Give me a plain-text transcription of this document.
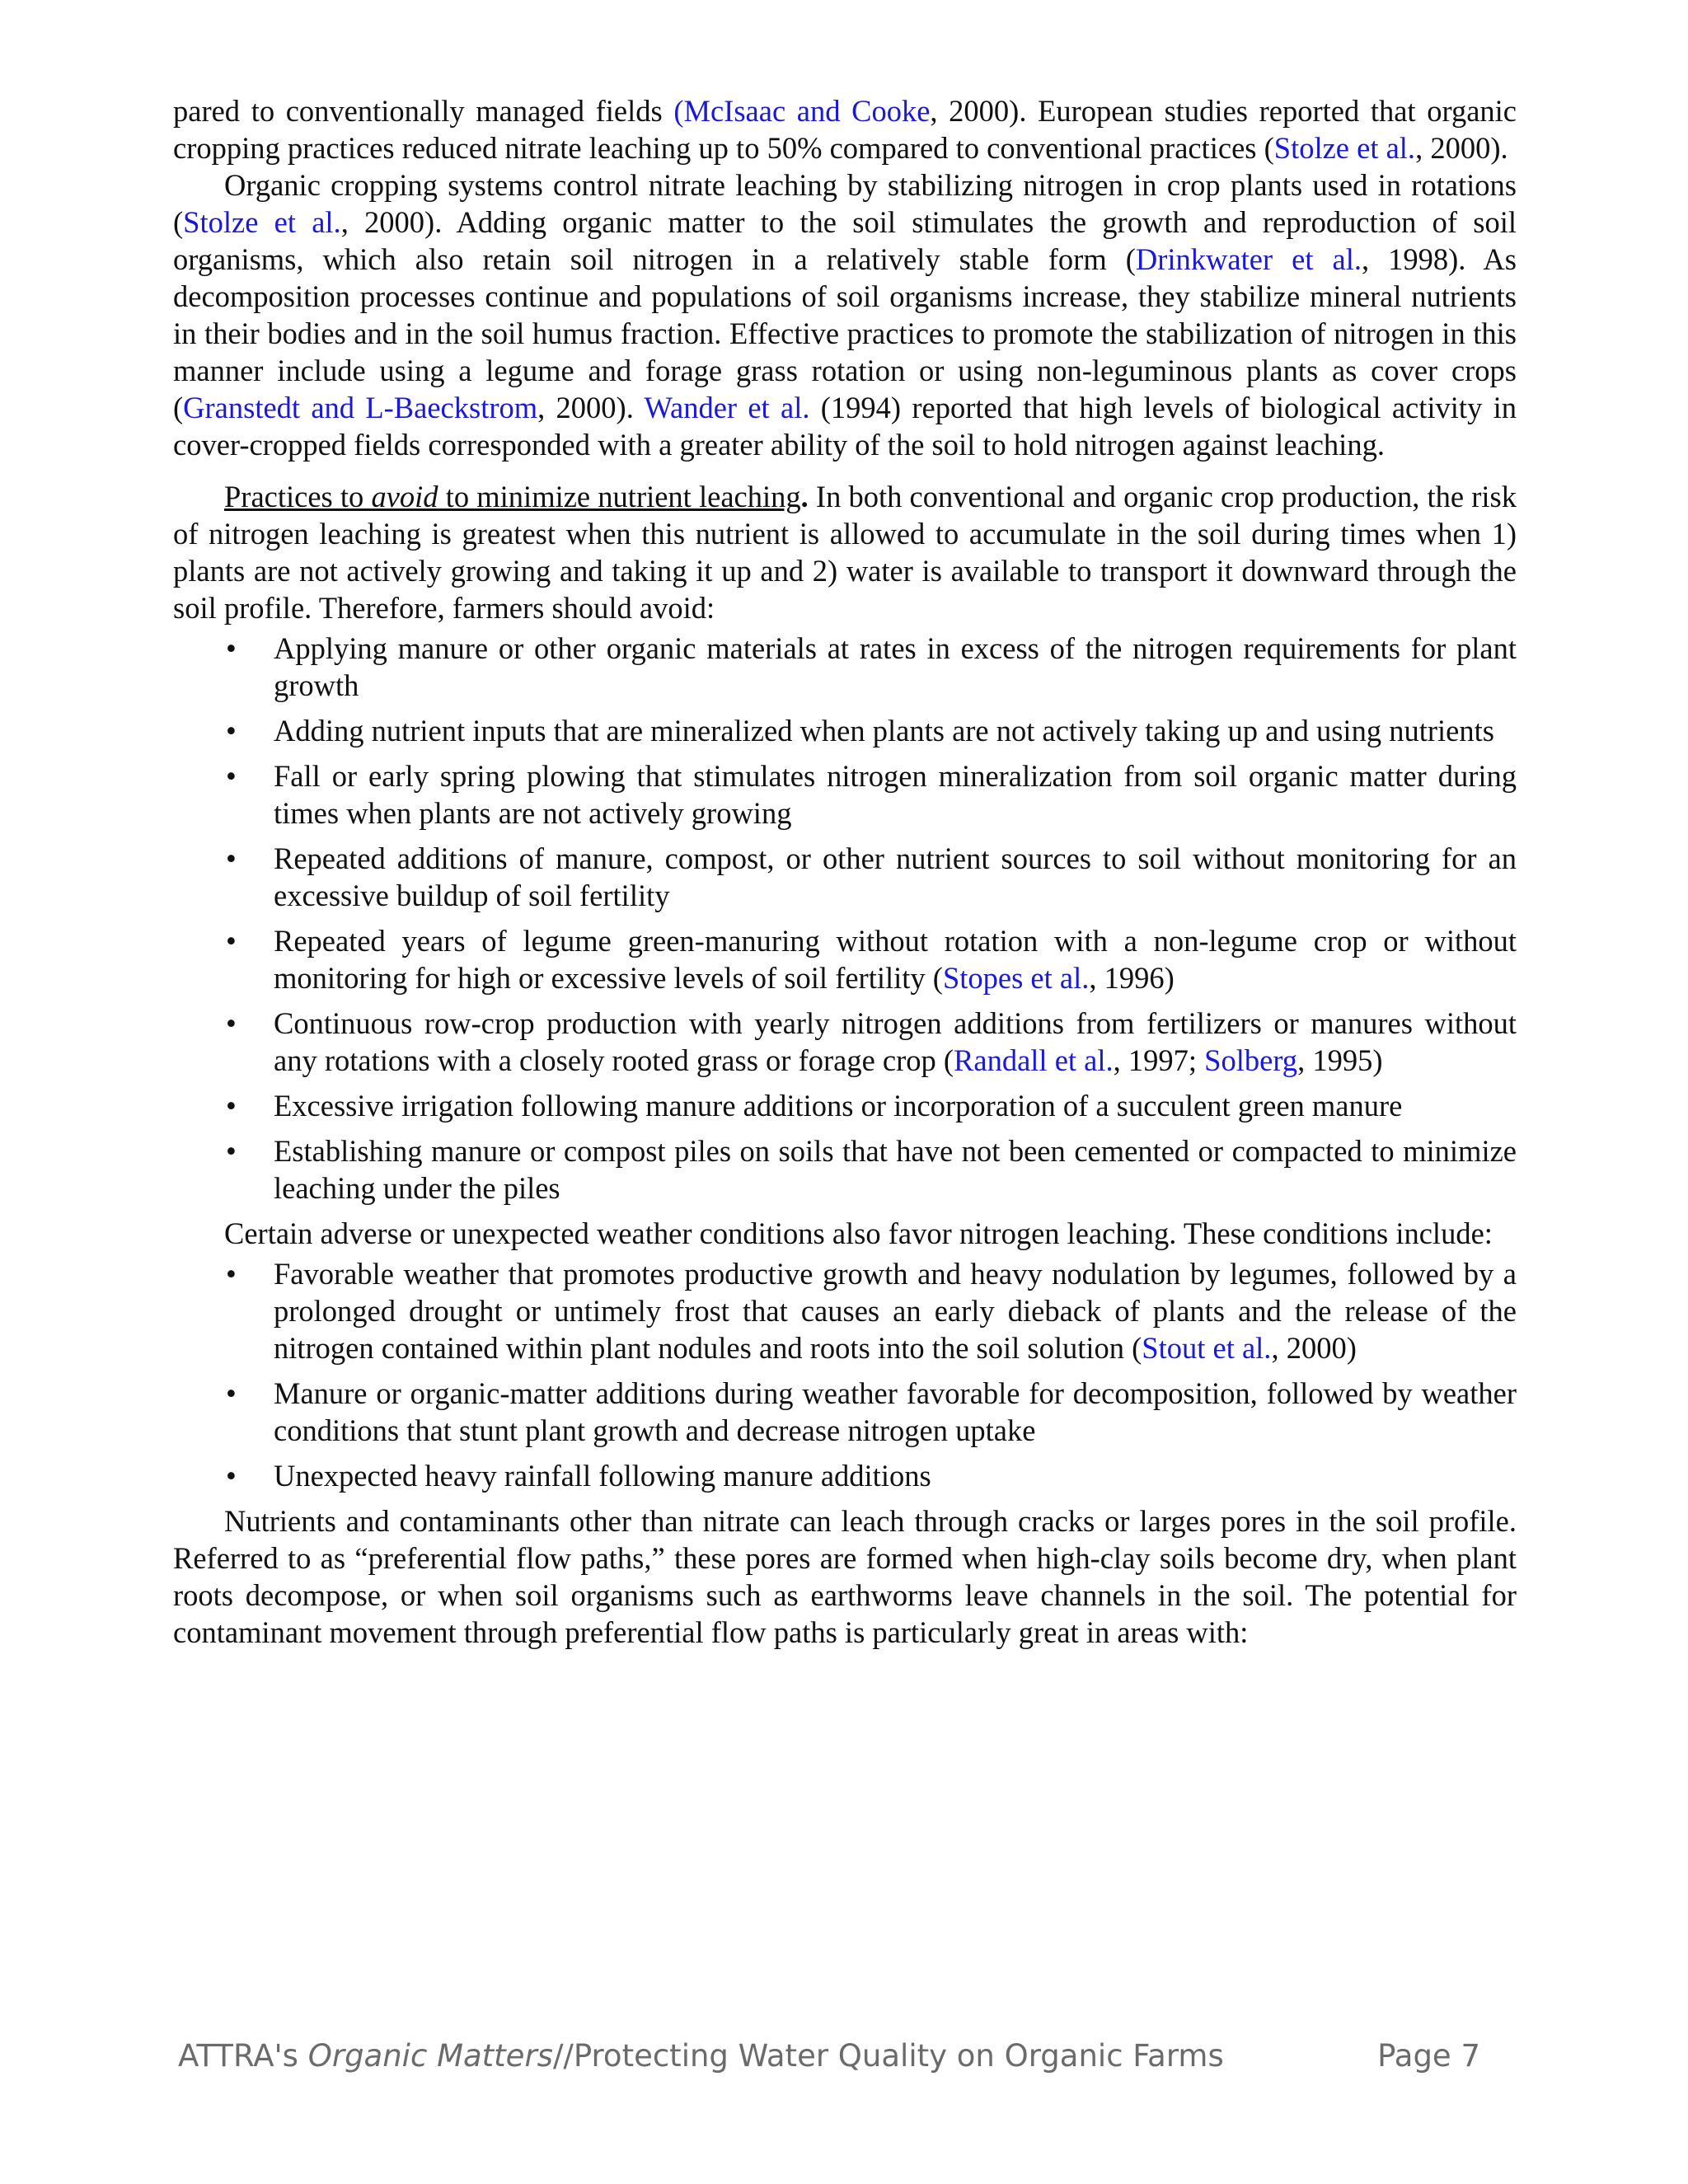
pared to conventionally managed fields (McIsaac and Cooke, 2000). European studies reported that organic cropping practices reduced nitrate leaching up to 50% compared to conventional practices (Stolze et al., 2000).

Organic cropping systems control nitrate leaching by stabilizing nitrogen in crop plants used in rotations (Stolze et al., 2000). Adding organic matter to the soil stimulates the growth and reproduction of soil organisms, which also retain soil nitrogen in a relatively stable form (Drinkwater et al., 1998). As decomposition processes continue and populations of soil organisms increase, they stabilize mineral nutrients in their bodies and in the soil humus fraction. Effective practices to promote the stabilization of nitrogen in this manner include using a legume and forage grass rotation or using non-leguminous plants as cover crops (Granstedt and L-Baeckstrom, 2000). Wander et al. (1994) reported that high levels of biological activity in cover-cropped fields corresponded with a greater ability of the soil to hold nitrogen against leaching.

Practices to avoid to minimize nutrient leaching. In both conventional and organic crop production, the risk of nitrogen leaching is greatest when this nutrient is allowed to accumulate in the soil during times when 1) plants are not actively growing and taking it up and 2) water is available to transport it downward through the soil profile. Therefore, farmers should avoid:

• Applying manure or other organic materials at rates in excess of the nitrogen requirements for plant growth
• Adding nutrient inputs that are mineralized when plants are not actively taking up and using nutrients
• Fall or early spring plowing that stimulates nitrogen mineralization from soil organic matter during times when plants are not actively growing
• Repeated additions of manure, compost, or other nutrient sources to soil without monitoring for an excessive buildup of soil fertility
• Repeated years of legume green-manuring without rotation with a non-legume crop or without monitoring for high or excessive levels of soil fertility (Stopes et al., 1996)
• Continuous row-crop production with yearly nitrogen additions from fertilizers or manures without any rotations with a closely rooted grass or forage crop (Randall et al., 1997; Solberg, 1995)
• Excessive irrigation following manure additions or incorporation of a succulent green manure
• Establishing manure or compost piles on soils that have not been cemented or compacted to minimize leaching under the piles

Certain adverse or unexpected weather conditions also favor nitrogen leaching. These conditions include:

• Favorable weather that promotes productive growth and heavy nodulation by legumes, followed by a prolonged drought or untimely frost that causes an early dieback of plants and the release of the nitrogen contained within plant nodules and roots into the soil solution (Stout et al., 2000)
• Manure or organic-matter additions during weather favorable for decomposition, followed by weather conditions that stunt plant growth and decrease nitrogen uptake
• Unexpected heavy rainfall following manure additions

Nutrients and contaminants other than nitrate can leach through cracks or larges pores in the soil profile. Referred to as “preferential flow paths,” these pores are formed when high-clay soils become dry, when plant roots decompose, or when soil organisms such as earthworms leave channels in the soil. The potential for contaminant movement through preferential flow paths is particularly great in areas with:

ATTRA's Organic Matters//Protecting Water Quality on Organic Farms	Page 7
